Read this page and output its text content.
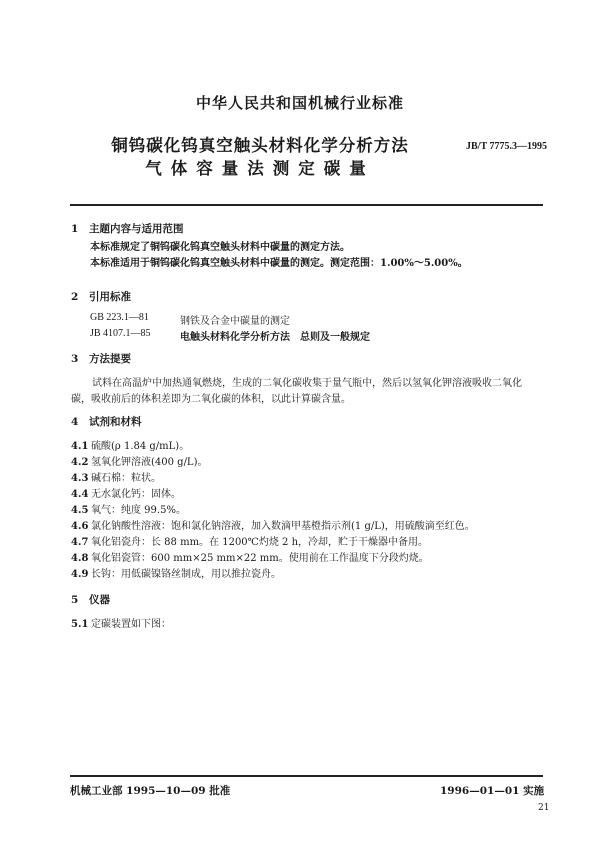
中华人民共和国机械行业标准
铜钨碳化钨真空触头材料化学分析方法
气体容量法测定碳量
JB/T 7775.3—1995
1 主题内容与适用范围
本标准规定了铜钨碳化钨真空触头材料中碳量的测定方法。
本标准适用于铜钨碳化钨真空触头材料中碳量的测定。测定范围：1.00%～5.00%。
2 引用标准
GB 223.1—81	钢铁及合金中碳量的测定
JB 4107.1—85	电触头材料化学分析方法　总则及一般规定
3 方法提要
试料在高温炉中加热通氧燃烧，生成的二氧化碳收集于量气瓶中，然后以氢氧化钾溶液吸收二氧化
碳，吸收前后的体积差即为二氧化碳的体积，以此计算碳含量。
4 试剂和材料
4.1 硫酸(ρ 1.84 g/mL)。
4.2 氢氧化钾溶液(400 g/L)。
4.3 碱石棉：粒状。
4.4 无水氯化钙：固体。
4.5 氧气：纯度 99.5%。
4.6 氯化钠酸性溶液：饱和氯化钠溶液，加入数滴甲基橙指示剂(1 g/L)，用硫酸滴至红色。
4.7 氧化铝瓷舟：长 88 mm。在 1200℃灼烧 2 h，冷却，贮于干燥器中备用。
4.8 氧化铝瓷管：600 mm×25 mm×22 mm。使用前在工作温度下分段灼烧。
4.9 长钩：用低碳镍铬丝制成，用以推拉瓷舟。
5 仪器
5.1 定碳装置如下图：
机械工业部 1995—10—09 批准	1996—01—01 实施
21
